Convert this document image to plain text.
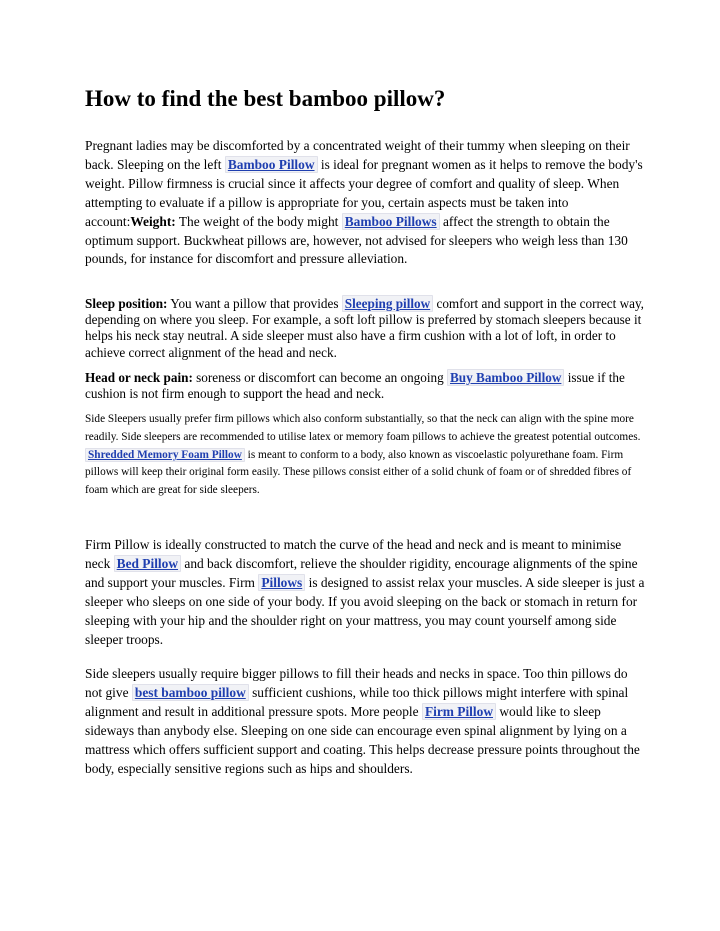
How to find the best bamboo pillow?

Pregnant ladies may be discomforted by a concentrated weight of their tummy when sleeping on their back. Sleeping on the left Bamboo Pillow is ideal for pregnant women as it helps to remove the body's weight. Pillow firmness is crucial since it affects your degree of comfort and quality of sleep. When attempting to evaluate if a pillow is appropriate for you, certain aspects must be taken into account:Weight: The weight of the body might Bamboo Pillows affect the strength to obtain the optimum support. Buckwheat pillows are, however, not advised for sleepers who weigh less than 130 pounds, for instance for discomfort and pressure alleviation.

Sleep position: You want a pillow that provides Sleeping pillow comfort and support in the correct way, depending on where you sleep. For example, a soft loft pillow is preferred by stomach sleepers because it helps his neck stay neutral. A side sleeper must also have a firm cushion with a lot of loft, in order to achieve correct alignment of the head and neck.

Head or neck pain: soreness or discomfort can become an ongoing Buy Bamboo Pillow issue if the cushion is not firm enough to support the head and neck.

Side Sleepers usually prefer firm pillows which also conform substantially, so that the neck can align with the spine more readily. Side sleepers are recommended to utilise latex or memory foam pillows to achieve the greatest potential outcomes. Shredded Memory Foam Pillow is meant to conform to a body, also known as viscoelastic polyurethane foam. Firm pillows will keep their original form easily. These pillows consist either of a solid chunk of foam or of shredded fibres of foam which are great for side sleepers.

Firm Pillow is ideally constructed to match the curve of the head and neck and is meant to minimise neck Bed Pillow and back discomfort, relieve the shoulder rigidity, encourage alignments of the spine and support your muscles. Firm Pillows is designed to assist relax your muscles. A side sleeper is just a sleeper who sleeps on one side of your body. If you avoid sleeping on the back or stomach in return for sleeping with your hip and the shoulder right on your mattress, you may count yourself among side sleeper troops.

Side sleepers usually require bigger pillows to fill their heads and necks in space. Too thin pillows do not give best bamboo pillow sufficient cushions, while too thick pillows might interfere with spinal alignment and result in additional pressure spots. More people Firm Pillow would like to sleep sideways than anybody else. Sleeping on one side can encourage even spinal alignment by lying on a mattress which offers sufficient support and coating. This helps decrease pressure points throughout the body, especially sensitive regions such as hips and shoulders.
